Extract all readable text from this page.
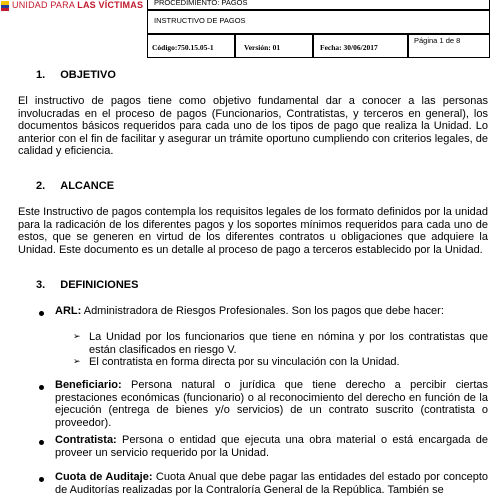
UNIDAD PARA LAS VÍCTIMAS	PROCEDIMIENTO: PAGOS
INSTRUCTIVO DE PAGOS
Código:750.15.05-1	Versión: 01	Fecha: 30/06/2017
Página 1 de 8
1. OBJETIVO
El instructivo de pagos tiene como objetivo fundamental dar a conocer a las personas involucradas en el proceso de pagos (Funcionarios, Contratistas, y terceros en general), los documentos básicos requeridos para cada uno de los tipos de pago que realiza la Unidad. Lo anterior con el fin de facilitar y asegurar un trámite oportuno cumpliendo con criterios legales, de calidad y eficiencia.
2. ALCANCE
Este Instructivo de pagos contempla los requisitos legales de los formato definidos por la unidad para la radicación de los diferentes pagos y los soportes mínimos requeridos para cada uno de estos, que se generen en virtud de los diferentes contratos u obligaciones que adquiere la Unidad. Este documento es un detalle al proceso de pago a terceros establecido por la Unidad.
3. DEFINICIONES
ARL: Administradora de Riesgos Profesionales. Son los pagos que debe hacer:
➢ La Unidad por los funcionarios que tiene en nómina y por los contratistas que están clasificados en riesgo V.
➢ El contratista en forma directa por su vinculación con la Unidad.
Beneficiario: Persona natural o jurídica que tiene derecho a percibir ciertas prestaciones económicas (funcionario) o al reconocimiento del derecho en función de la ejecución (entrega de bienes y/o servicios) de un contrato suscrito (contratista o proveedor).
Contratista: Persona o entidad que ejecuta una obra material o está encargada de proveer un servicio requerido por la Unidad.
Cuota de Auditaje: Cuota Anual que debe pagar las entidades del estado por concepto de Auditorías realizadas por la Contraloría General de la República. También se
